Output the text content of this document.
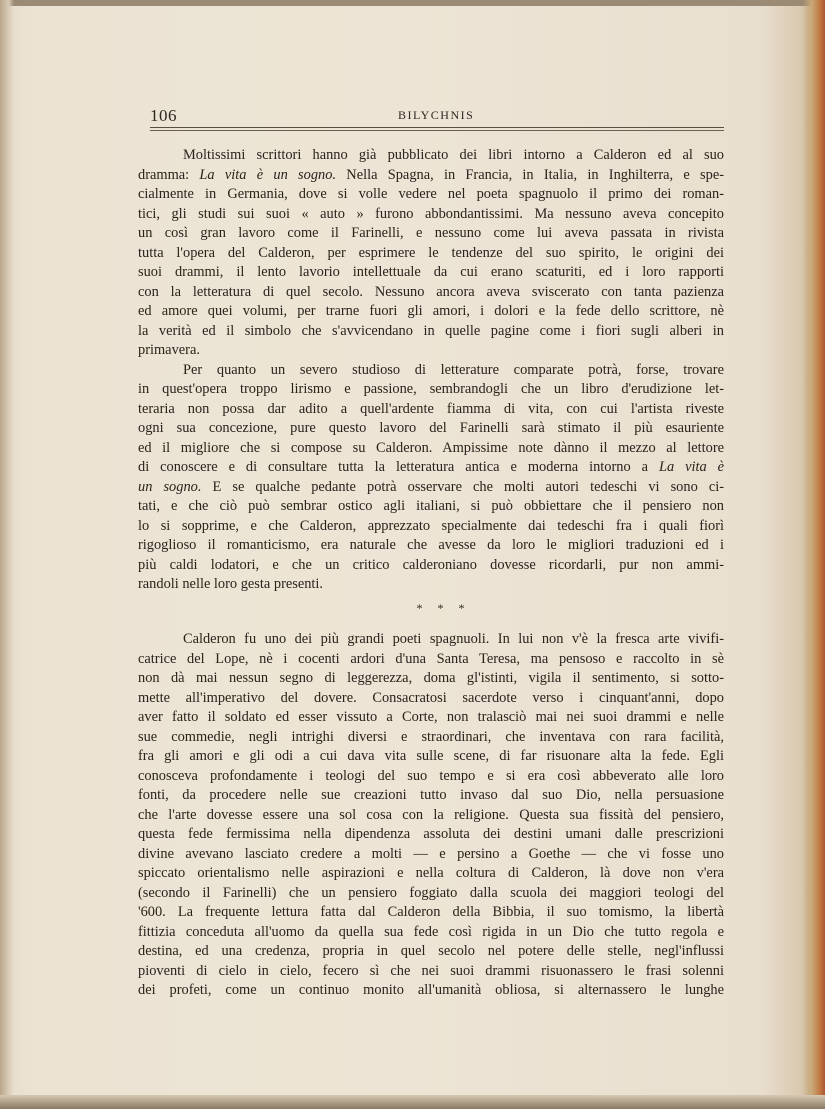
106	BILYCHNIS
Moltissimi scrittori hanno già pubblicato dei libri intorno a Calderon ed al suo
dramma: La vita è un sogno. Nella Spagna, in Francia, in Italia, in Inghilterra, e spe-
cialmente in Germania, dove si volle vedere nel poeta spagnuolo il primo dei roman-
tici, gli studi sui suoi « auto » furono abbondantissimi. Ma nessuno aveva concepito
un così gran lavoro come il Farinelli, e nessuno come lui aveva passata in rivista
tutta l'opera del Calderon, per esprimere le tendenze del suo spirito, le origini dei
suoi drammi, il lento lavorio intellettuale da cui erano scaturiti, ed i loro rapporti
con la letteratura di quel secolo. Nessuno ancora aveva sviscerato con tanta pazienza
ed amore quei volumi, per trarne fuori gli amori, i dolori e la fede dello scrittore, nè
la verità ed il simbolo che s'avvicendano in quelle pagine come i fiori sugli alberi in
primavera.
Per quanto un severo studioso di letterature comparate potrà, forse, trovare
in quest'opera troppo lirismo e passione, sembrandogli che un libro d'erudizione let-
teraria non possa dar adito a quell'ardente fiamma di vita, con cui l'artista riveste
ogni sua concezione, pure questo lavoro del Farinelli sarà stimato il più esauriente
ed il migliore che si compose su Calderon. Ampissime note dànno il mezzo al lettore
di conoscere e di consultare tutta la letteratura antica e moderna intorno a La vita è
un sogno. E se qualche pedante potrà osservare che molti autori tedeschi vi sono ci-
tati, e che ciò può sembrar ostico agli italiani, si può obbiettare che il pensiero non
lo si sopprime, e che Calderon, apprezzato specialmente dai tedeschi fra i quali fiorì
rigoglioso il romanticismo, era naturale che avesse da loro le migliori traduzioni ed i
più caldi lodatori, e che un critico calderoniano dovesse ricordarli, pur non ammi-
randoli nelle loro gesta presenti.
* * *
Calderon fu uno dei più grandi poeti spagnuoli. In lui non v'è la fresca arte vivifi-
catrice del Lope, nè i cocenti ardori d'una Santa Teresa, ma pensoso e raccolto in sè
non dà mai nessun segno di leggerezza, doma gl'istinti, vigila il sentimento, si sotto-
mette all'imperativo del dovere. Consacratosi sacerdote verso i cinquant'anni, dopo
aver fatto il soldato ed esser vissuto a Corte, non tralasciò mai nei suoi drammi e nelle
sue commedie, negli intrighi diversi e straordinari, che inventava con rara facilità,
fra gli amori e gli odi a cui dava vita sulle scene, di far risuonare alta la fede. Egli
conosceva profondamente i teologi del suo tempo e si era così abbeverato alle loro
fonti, da procedere nelle sue creazioni tutto invaso dal suo Dio, nella persuasione
che l'arte dovesse essere una sol cosa con la religione. Questa sua fissità del pensiero,
questa fede fermissima nella dipendenza assoluta dei destini umani dalle prescrizioni
divine avevano lasciato credere a molti — e persino a Goethe — che vi fosse uno
spiccato orientalismo nelle aspirazioni e nella coltura di Calderon, là dove non v'era
(secondo il Farinelli) che un pensiero foggiato dalla scuola dei maggiori teologi del
'600. La frequente lettura fatta dal Calderon della Bibbia, il suo tomismo, la libertà
fittizia conceduta all'uomo da quella sua fede così rigida in un Dio che tutto regola e
destina, ed una credenza, propria in quel secolo nel potere delle stelle, negl'influssi
pioventi di cielo in cielo, fecero sì che nei suoi drammi risuonassero le frasi solenni
dei profeti, come un continuo monito all'umanità obliosa, si alternassero le lunghe
